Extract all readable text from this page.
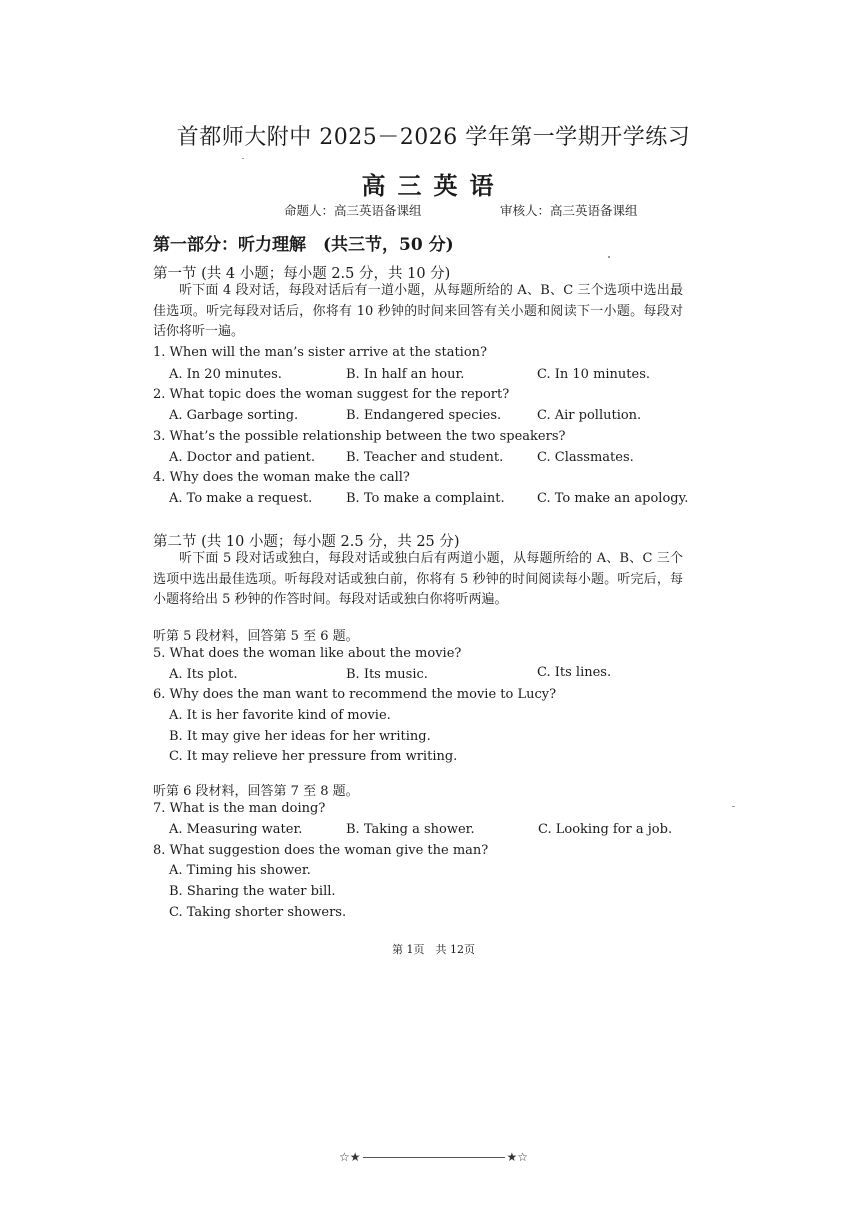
首都师大附中 2025－2026 学年第一学期开学练习
高三英语
命题人：高三英语备课组	审核人：高三英语备课组
第一部分：听力理解　(共三节，50 分)
第一节 (共 4 小题；每小题 2.5 分，共 10 分)
听下面 4 段对话，每段对话后有一道小题，从每题所给的 A、B、C 三个选项中选出最佳选项。听完每段对话后，你将有 10 秒钟的时间来回答有关小题和阅读下一小题。每段对话你将听一遍。
1. When will the man’s sister arrive at the station?
A. In 20 minutes.	B. In half an hour.	C. In 10 minutes.
2. What topic does the woman suggest for the report?
A. Garbage sorting.	B. Endangered species.	C. Air pollution.
3. What’s the possible relationship between the two speakers?
A. Doctor and patient. B. Teacher and student.	C. Classmates.
4. Why does the woman make the call?
A. To make a request.	B. To make a complaint. C. To make an apology.
第二节 (共 10 小题；每小题 2.5 分，共 25 分)
听下面 5 段对话或独白，每段对话或独白后有两道小题，从每题所给的 A、B、C 三个选项中选出最佳选项。听每段对话或独白前，你将有 5 秒钟的时间阅读每小题。听完后，每小题将给出 5 秒钟的作答时间。每段对话或独白你将听两遍。
听第 5 段材料，回答第 5 至 6 题。
5. What does the woman like about the movie?
A. Its plot.	B. Its music.	C. Its lines.
6. Why does the man want to recommend the movie to Lucy?
A. It is her favorite kind of movie.
B. It may give her ideas for her writing.
C. It may relieve her pressure from writing.
听第 6 段材料，回答第 7 至 8 题。
7. What is the man doing?
A. Measuring water.	B. Taking a shower.	C. Looking for a job.
8. What suggestion does the woman give the man?
A. Timing his shower.
B. Sharing the water bill.
C. Taking shorter showers.
第 1页　共 12页
☆★	★☆
